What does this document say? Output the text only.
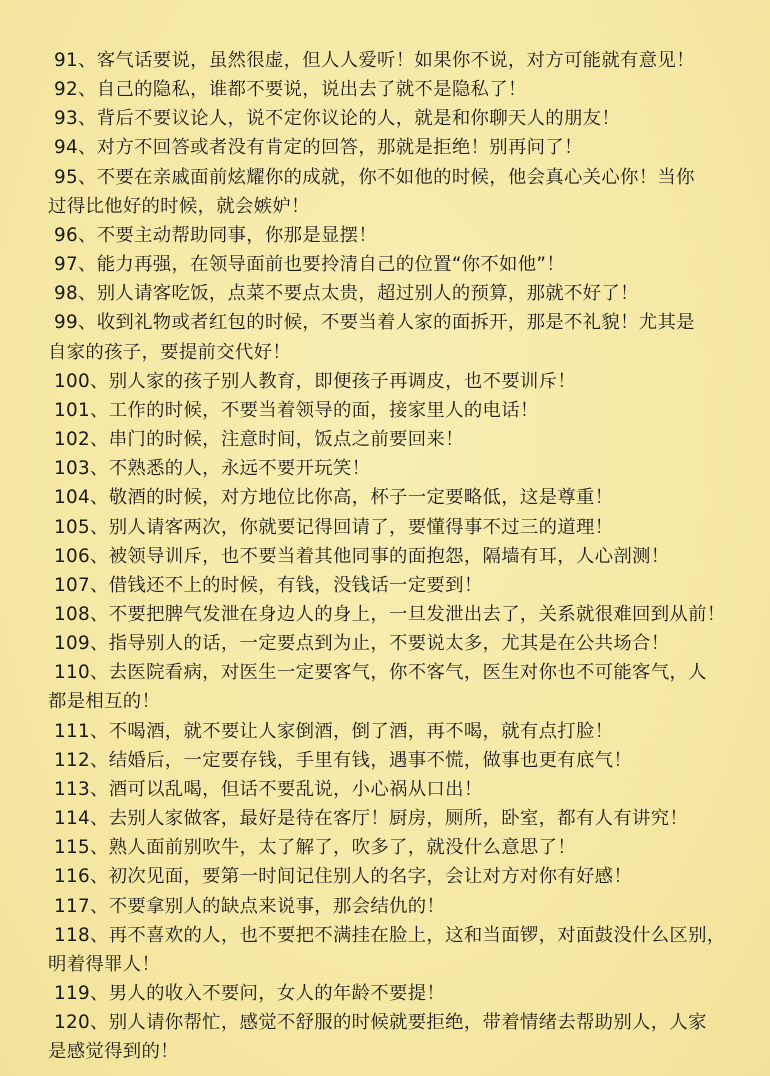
91、客气话要说，虽然很虚，但人人爱听！如果你不说，对方可能就有意见！
92、自己的隐私，谁都不要说，说出去了就不是隐私了！
93、背后不要议论人，说不定你议论的人，就是和你聊天人的朋友！
94、对方不回答或者没有肯定的回答，那就是拒绝！别再问了！
95、不要在亲戚面前炫耀你的成就，你不如他的时候，他会真心关心你！当你
过得比他好的时候，就会嫉妒！
96、不要主动帮助同事，你那是显摆！
97、能力再强，在领导面前也要拎清自己的位置“你不如他”！
98、别人请客吃饭，点菜不要点太贵，超过别人的预算，那就不好了！
99、收到礼物或者红包的时候，不要当着人家的面拆开，那是不礼貌！尤其是
自家的孩子，要提前交代好！
100、别人家的孩子别人教育，即便孩子再调皮，也不要训斥！
101、工作的时候，不要当着领导的面，接家里人的电话！
102、串门的时候，注意时间，饭点之前要回来！
103、不熟悉的人，永远不要开玩笑！
104、敬酒的时候，对方地位比你高，杯子一定要略低，这是尊重！
105、别人请客两次，你就要记得回请了，要懂得事不过三的道理！
106、被领导训斥，也不要当着其他同事的面抱怨，隔墙有耳，人心剖测！
107、借钱还不上的时候，有钱，没钱话一定要到！
108、不要把脾气发泄在身边人的身上，一旦发泄出去了，关系就很难回到从前！
109、指导别人的话，一定要点到为止，不要说太多，尤其是在公共场合！
110、去医院看病，对医生一定要客气，你不客气，医生对你也不可能客气，人
都是相互的！
111、不喝酒，就不要让人家倒酒，倒了酒，再不喝，就有点打脸！
112、结婚后，一定要存钱，手里有钱，遇事不慌，做事也更有底气！
113、酒可以乱喝，但话不要乱说，小心祸从口出！
114、去别人家做客，最好是待在客厅！厨房，厕所，卧室，都有人有讲究！
115、熟人面前别吹牛，太了解了，吹多了，就没什么意思了！
116、初次见面，要第一时间记住别人的名字，会让对方对你有好感！
117、不要拿别人的缺点来说事，那会结仇的！
118、再不喜欢的人，也不要把不满挂在脸上，这和当面锣，对面鼓没什么区别，
明着得罪人！
119、男人的收入不要问，女人的年龄不要提！
120、别人请你帮忙，感觉不舒服的时候就要拒绝，带着情绪去帮助别人，人家
是感觉得到的！
